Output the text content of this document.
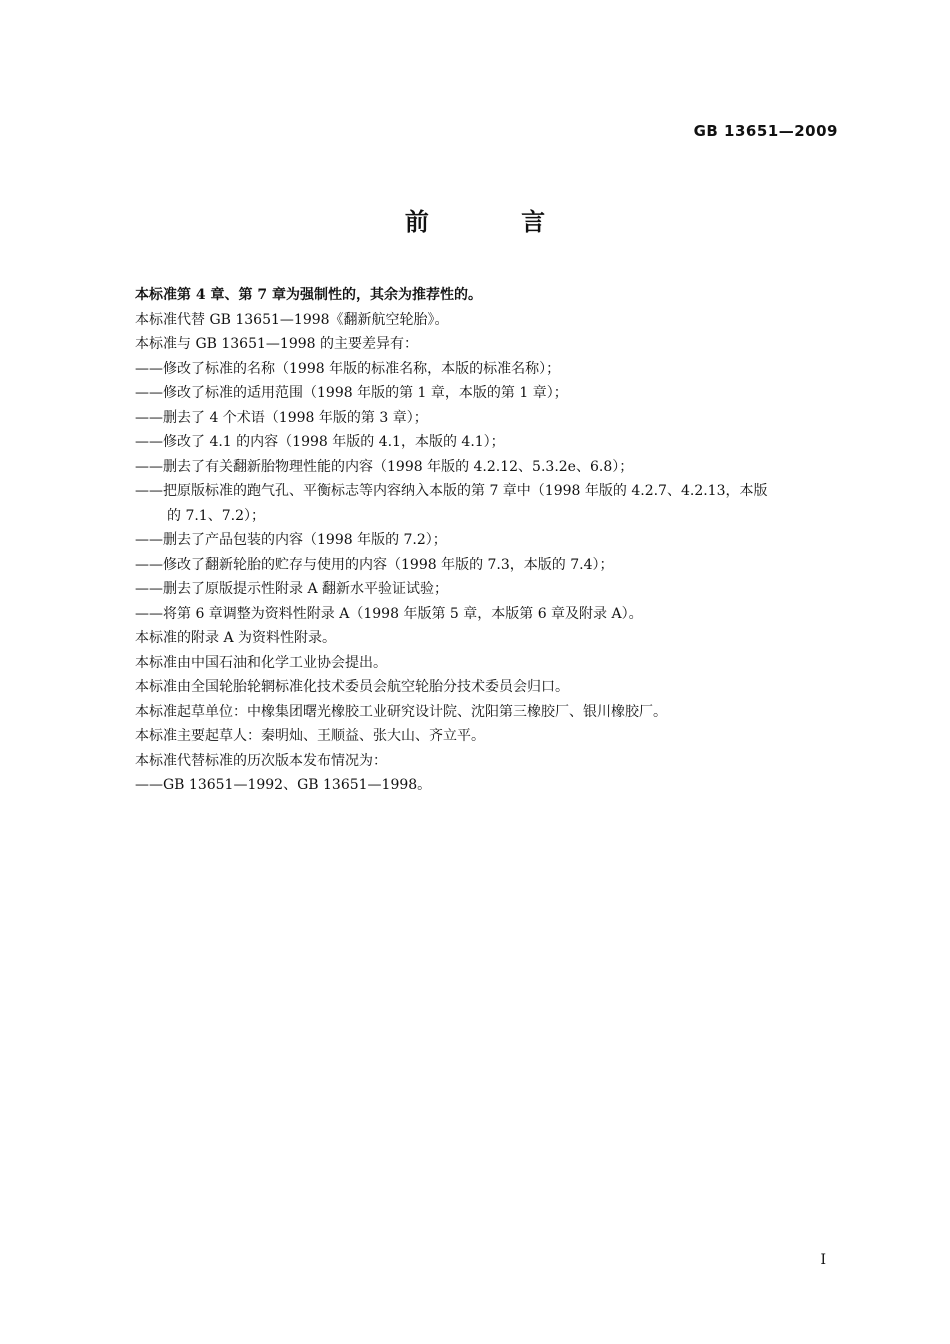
GB 13651—2009
前 言
本标准第 4 章、第 7 章为强制性的，其余为推荐性的。
本标准代替 GB 13651—1998《翻新航空轮胎》。
本标准与 GB 13651—1998 的主要差异有：
——修改了标准的名称（1998 年版的标准名称，本版的标准名称）；
——修改了标准的适用范围（1998 年版的第 1 章，本版的第 1 章）；
——删去了 4 个术语（1998 年版的第 3 章）；
——修改了 4.1 的内容（1998 年版的 4.1，本版的 4.1）；
——删去了有关翻新胎物理性能的内容（1998 年版的 4.2.12、5.3.2e、6.8）；
——把原版标准的跑气孔、平衡标志等内容纳入本版的第 7 章中（1998 年版的 4.2.7、4.2.13，本版
的 7.1、7.2）；
——删去了产品包装的内容（1998 年版的 7.2）；
——修改了翻新轮胎的贮存与使用的内容（1998 年版的 7.3，本版的 7.4）；
——删去了原版提示性附录 A 翻新水平验证试验；
——将第 6 章调整为资料性附录 A（1998 年版第 5 章，本版第 6 章及附录 A）。
本标准的附录 A 为资料性附录。
本标准由中国石油和化学工业协会提出。
本标准由全国轮胎轮辋标准化技术委员会航空轮胎分技术委员会归口。
本标准起草单位：中橡集团曙光橡胶工业研究设计院、沈阳第三橡胶厂、银川橡胶厂。
本标准主要起草人：秦明灿、王顺益、张大山、齐立平。
本标准代替标准的历次版本发布情况为：
——GB 13651—1992、GB 13651—1998。
I
